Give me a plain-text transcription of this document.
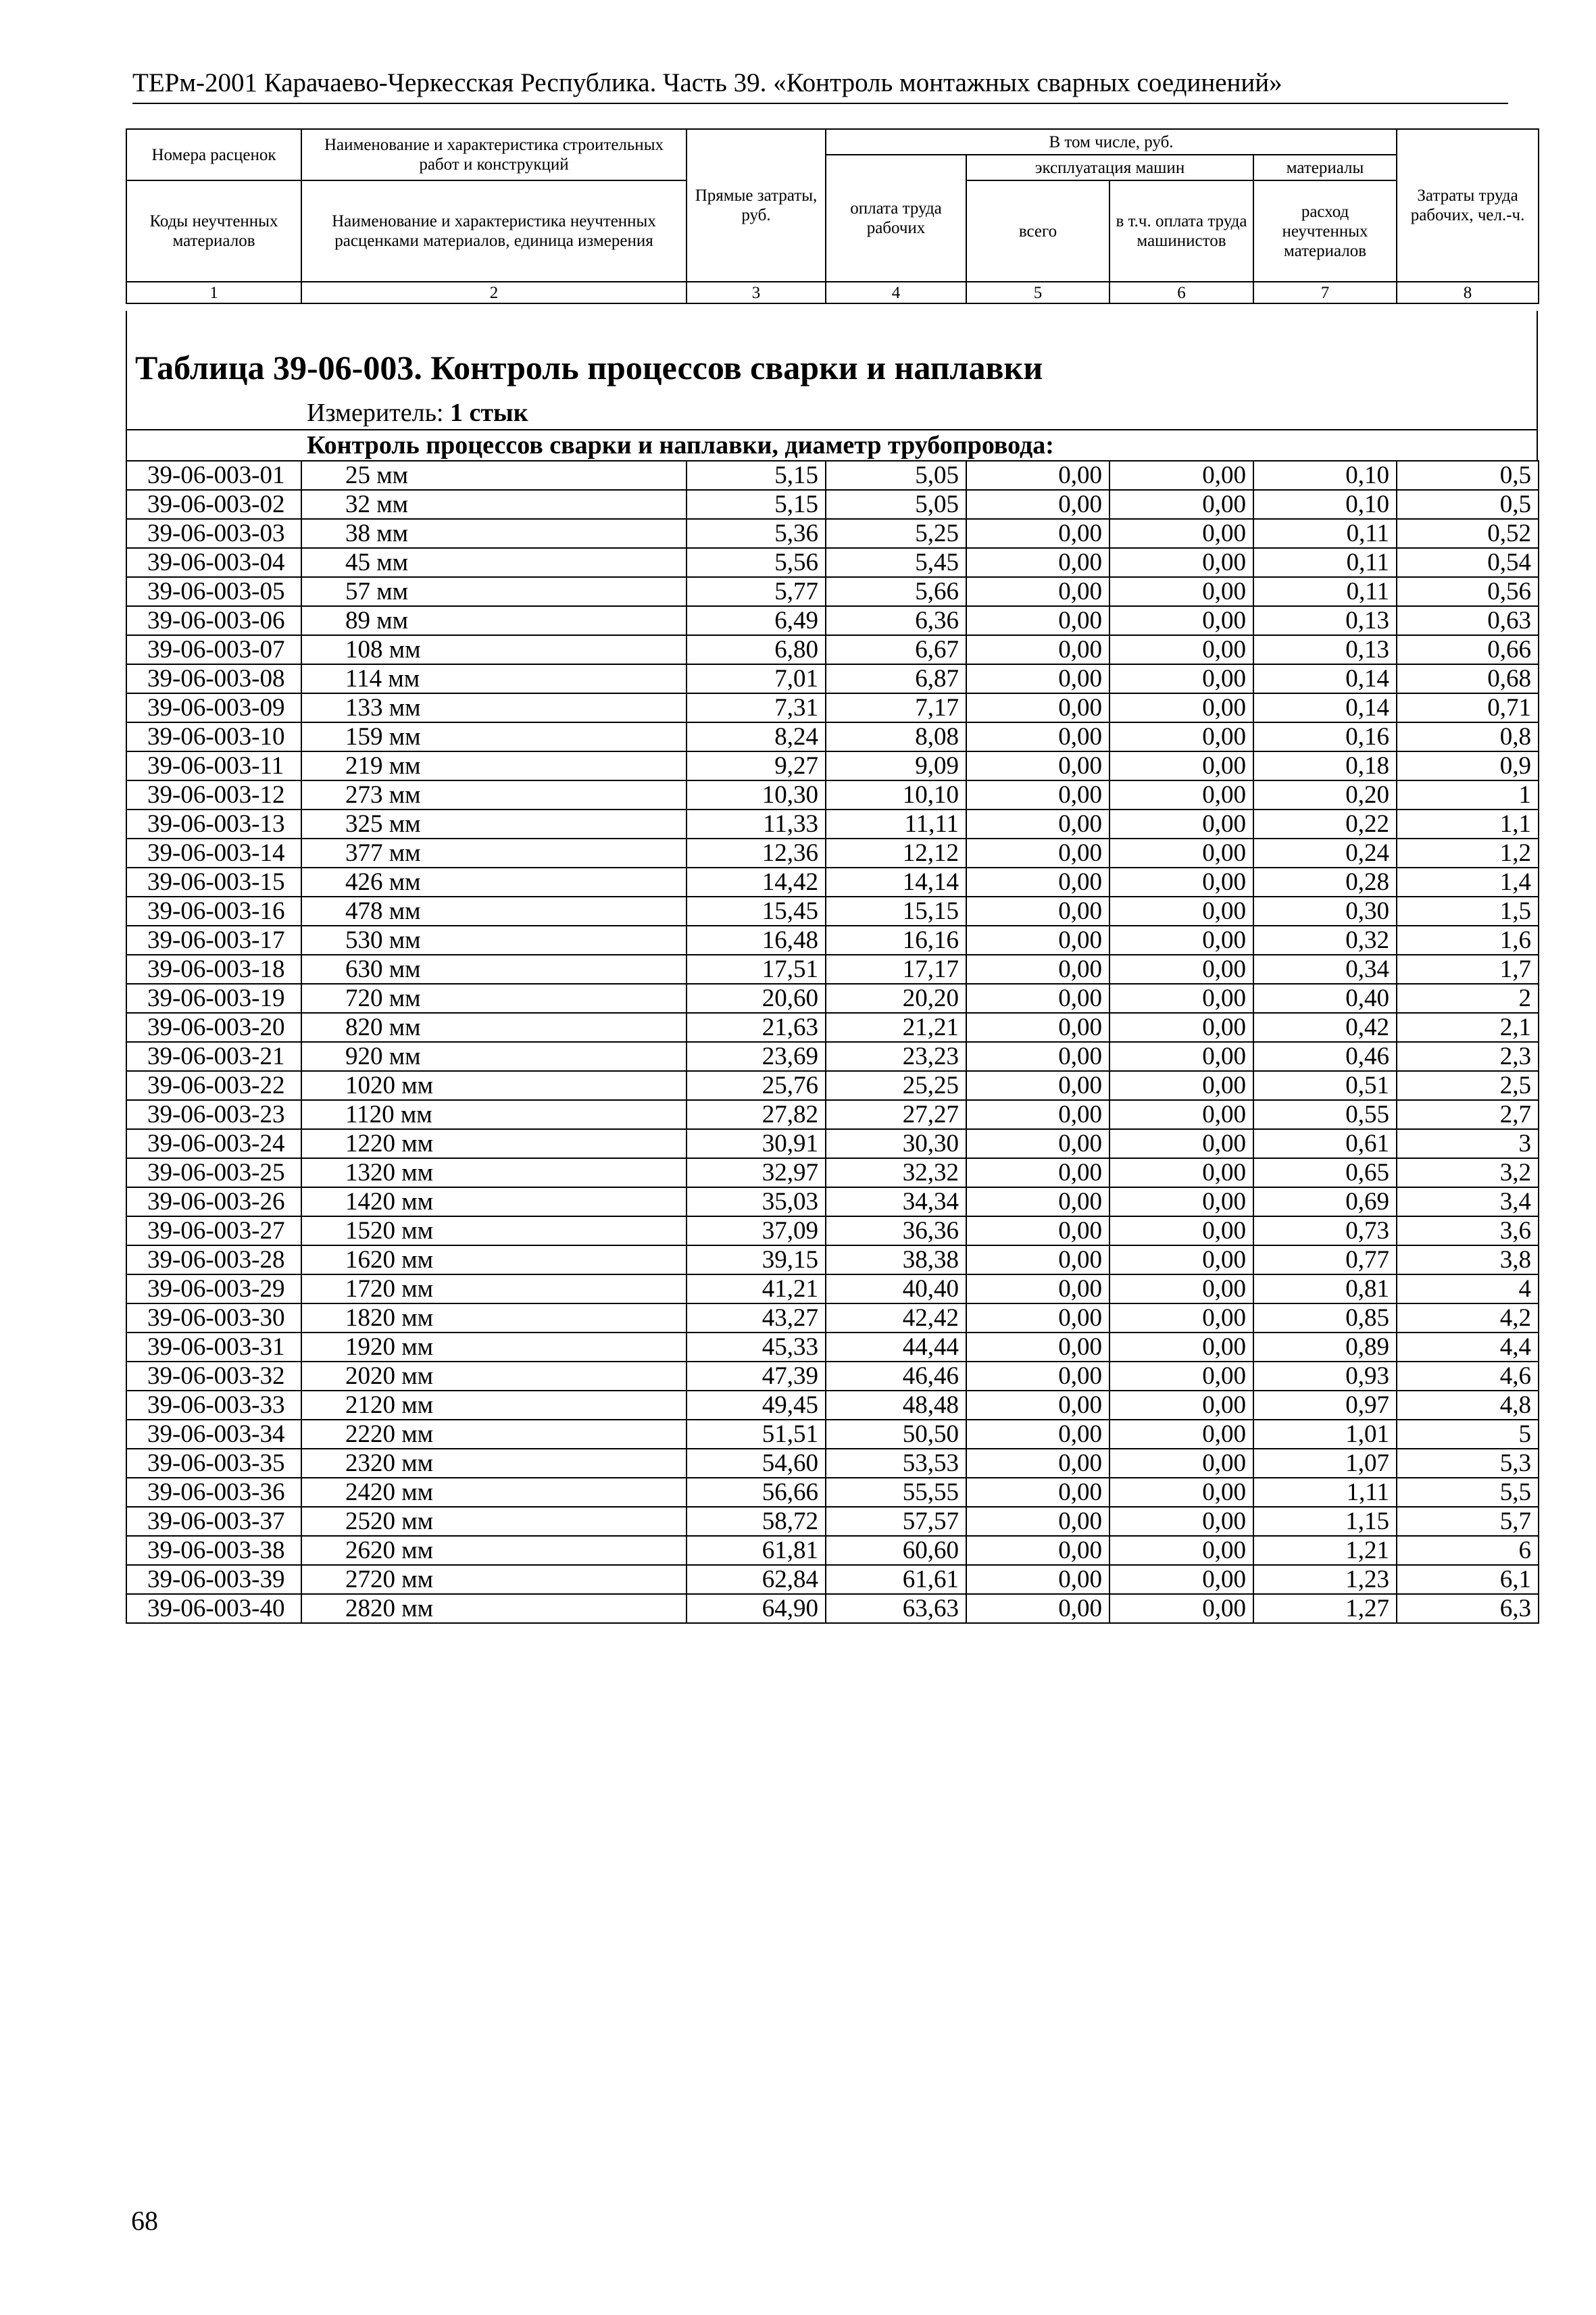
ТЕРм-2001 Карачаево-Черкесская Республика. Часть 39. «Контроль монтажных сварных соединений»
Номера расценок	Наименование и характеристика строительных работ и конструкций	Прямые затраты, руб.	В том числе, руб.				Затраты труда рабочих, чел.-ч.
			оплата труда рабочих	эксплуатация машин		материалы	
Коды неучтенных материалов	Наименование и характеристика неучтенных расценками материалов, единица измерения			всего	в т.ч. оплата труда машинистов	расход неучтенных материалов	
1	2	3	4	5	6	7	8
Таблица 39-06-003. Контроль процессов сварки и наплавки
Измеритель: 1 стык
Контроль процессов сварки и наплавки, диаметр трубопровода:
39-06-003-01	25 мм	5,15	5,05	0,00	0,00	0,10	0,5
39-06-003-02	32 мм	5,15	5,05	0,00	0,00	0,10	0,5
39-06-003-03	38 мм	5,36	5,25	0,00	0,00	0,11	0,52
39-06-003-04	45 мм	5,56	5,45	0,00	0,00	0,11	0,54
39-06-003-05	57 мм	5,77	5,66	0,00	0,00	0,11	0,56
39-06-003-06	89 мм	6,49	6,36	0,00	0,00	0,13	0,63
39-06-003-07	108 мм	6,80	6,67	0,00	0,00	0,13	0,66
39-06-003-08	114 мм	7,01	6,87	0,00	0,00	0,14	0,68
39-06-003-09	133 мм	7,31	7,17	0,00	0,00	0,14	0,71
39-06-003-10	159 мм	8,24	8,08	0,00	0,00	0,16	0,8
39-06-003-11	219 мм	9,27	9,09	0,00	0,00	0,18	0,9
39-06-003-12	273 мм	10,30	10,10	0,00	0,00	0,20	1
39-06-003-13	325 мм	11,33	11,11	0,00	0,00	0,22	1,1
39-06-003-14	377 мм	12,36	12,12	0,00	0,00	0,24	1,2
39-06-003-15	426 мм	14,42	14,14	0,00	0,00	0,28	1,4
39-06-003-16	478 мм	15,45	15,15	0,00	0,00	0,30	1,5
39-06-003-17	530 мм	16,48	16,16	0,00	0,00	0,32	1,6
39-06-003-18	630 мм	17,51	17,17	0,00	0,00	0,34	1,7
39-06-003-19	720 мм	20,60	20,20	0,00	0,00	0,40	2
39-06-003-20	820 мм	21,63	21,21	0,00	0,00	0,42	2,1
39-06-003-21	920 мм	23,69	23,23	0,00	0,00	0,46	2,3
39-06-003-22	1020 мм	25,76	25,25	0,00	0,00	0,51	2,5
39-06-003-23	1120 мм	27,82	27,27	0,00	0,00	0,55	2,7
39-06-003-24	1220 мм	30,91	30,30	0,00	0,00	0,61	3
39-06-003-25	1320 мм	32,97	32,32	0,00	0,00	0,65	3,2
39-06-003-26	1420 мм	35,03	34,34	0,00	0,00	0,69	3,4
39-06-003-27	1520 мм	37,09	36,36	0,00	0,00	0,73	3,6
39-06-003-28	1620 мм	39,15	38,38	0,00	0,00	0,77	3,8
39-06-003-29	1720 мм	41,21	40,40	0,00	0,00	0,81	4
39-06-003-30	1820 мм	43,27	42,42	0,00	0,00	0,85	4,2
39-06-003-31	1920 мм	45,33	44,44	0,00	0,00	0,89	4,4
39-06-003-32	2020 мм	47,39	46,46	0,00	0,00	0,93	4,6
39-06-003-33	2120 мм	49,45	48,48	0,00	0,00	0,97	4,8
39-06-003-34	2220 мм	51,51	50,50	0,00	0,00	1,01	5
39-06-003-35	2320 мм	54,60	53,53	0,00	0,00	1,07	5,3
39-06-003-36	2420 мм	56,66	55,55	0,00	0,00	1,11	5,5
39-06-003-37	2520 мм	58,72	57,57	0,00	0,00	1,15	5,7
39-06-003-38	2620 мм	61,81	60,60	0,00	0,00	1,21	6
39-06-003-39	2720 мм	62,84	61,61	0,00	0,00	1,23	6,1
39-06-003-40	2820 мм	64,90	63,63	0,00	0,00	1,27	6,3
68
